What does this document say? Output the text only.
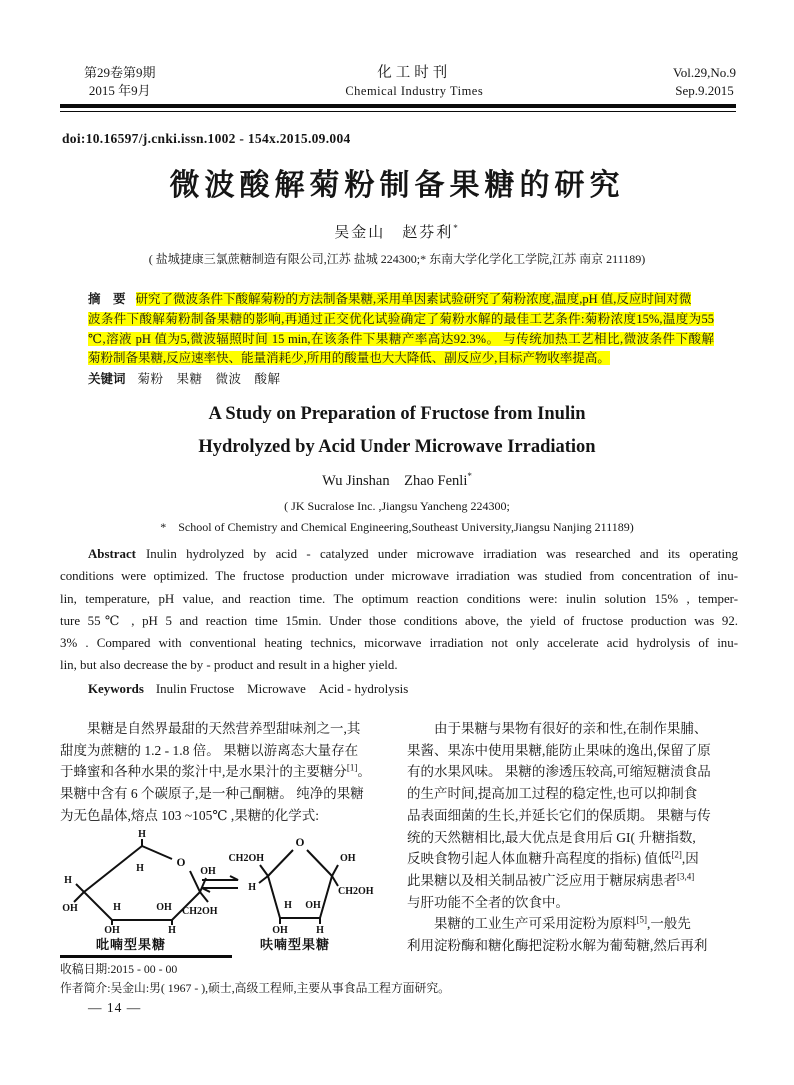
第29卷第9期
2015 年9月
化工时刊
Chemical Industry Times
Vol.29,No.9
Sep.9.2015
doi:10.16597/j.cnki.issn.1002 - 154x.2015.09.004
微波酸解菊粉制备果糖的研究
吴金山　赵芬利*
( 盐城捷康三氯蔗糖制造有限公司,江苏 盐城 224300;* 东南大学化学化工学院,江苏 南京 211189)
摘　要 研究了微波条件下酸解菊粉的方法制备果糖,采用单因素试验研究了菊粉浓度,温度,pH 值,反应时间对微
波条件下酸解菊粉制备果糖的影响,再通过正交优化试验确定了菊粉水解的最佳工艺条件:菊粉浓度15%,温度为55
℃,溶液 pH 值为5,微波辐照时间 15 min,在该条件下果糖产率高达92.3%。 与传统加热工艺相比,微波条件下酸解
菊粉制备果糖,反应速率快、能量消耗少,所用的酸量也大大降低、副反应少,目标产物收率提高。
关键词 菊粉　果糖　微波　酸解
A Study on Preparation of Fructose from Inulin
Hydrolyzed by Acid Under Microwave Irradiation
Wu Jinshan　Zhao Fenli*
( JK Sucralose Inc. ,Jiangsu Yancheng 224300;
*　School of Chemistry and Chemical Engineering,Southeast University,Jiangsu Nanjing 211189)
Abstract Inulin hydrolyzed by acid - catalyzed under microwave irradiation was researched and its operating
conditions were optimized. The fructose production under microwave irradiation was studied from concentration of inu-
lin, temperature, pH value, and reaction time. The optimum reaction conditions were: inulin solution 15% , temper-
ture 55℃ , pH 5 and reaction time 15min. Under those conditions above, the yield of fructose production was 92.
3% . Compared with conventional heating technics, micorwave irradiation not only accelerate acid hydrolysis of inu-
lin, but also decrease the by - product and result in a higher yield.
Keywords Inulin Fructose　Microwave　Acid - hydrolysis
　　果糖是自然界最甜的天然营养型甜味剂之一,其
甜度为蔗糖的 1.2 - 1.8 倍。 果糖以游离态大量存在
于蜂蜜和各种水果的浆汁中,是水果汁的主要糖分[1]。
果糖中含有 6 个碳原子,是一种己酮糖。 纯净的果糖
为无色晶体,熔点 103 ~105℃ ,果糖的化学式:
H
H
H
OH	H
OH
OH
H
O
OH
CH2OH
O
CH2OH
H
H
OH
OH
H
OH
CH2OH
吡喃型果糖	呋喃型果糖
　　由于果糖与果物有很好的亲和性,在制作果脯、
果酱、果冻中使用果糖,能防止果味的逸出,保留了原
有的水果风味。 果糖的渗透压较高,可缩短糖渍食品
的生产时间,提高加工过程的稳定性,也可以抑制食
品表面细菌的生长,并延长它们的保质期。 果糖与传
统的天然糖相比,最大优点是食用后 GI( 升糖指数,
反映食物引起人体血糖升高程度的指标) 值低[2],因
此果糖以及相关制品被广泛应用于糖尿病患者[3,4]
与肝功能不全者的饮食中。
　　果糖的工业生产可采用淀粉为原料[5],一般先
利用淀粉酶和糖化酶把淀粉水解为葡萄糖,然后再利
收稿日期:2015 - 00 - 00
作者简介:吴金山:男( 1967 - ),硕士,高级工程师,主要从事食品工程方面研究。
— 14 —
